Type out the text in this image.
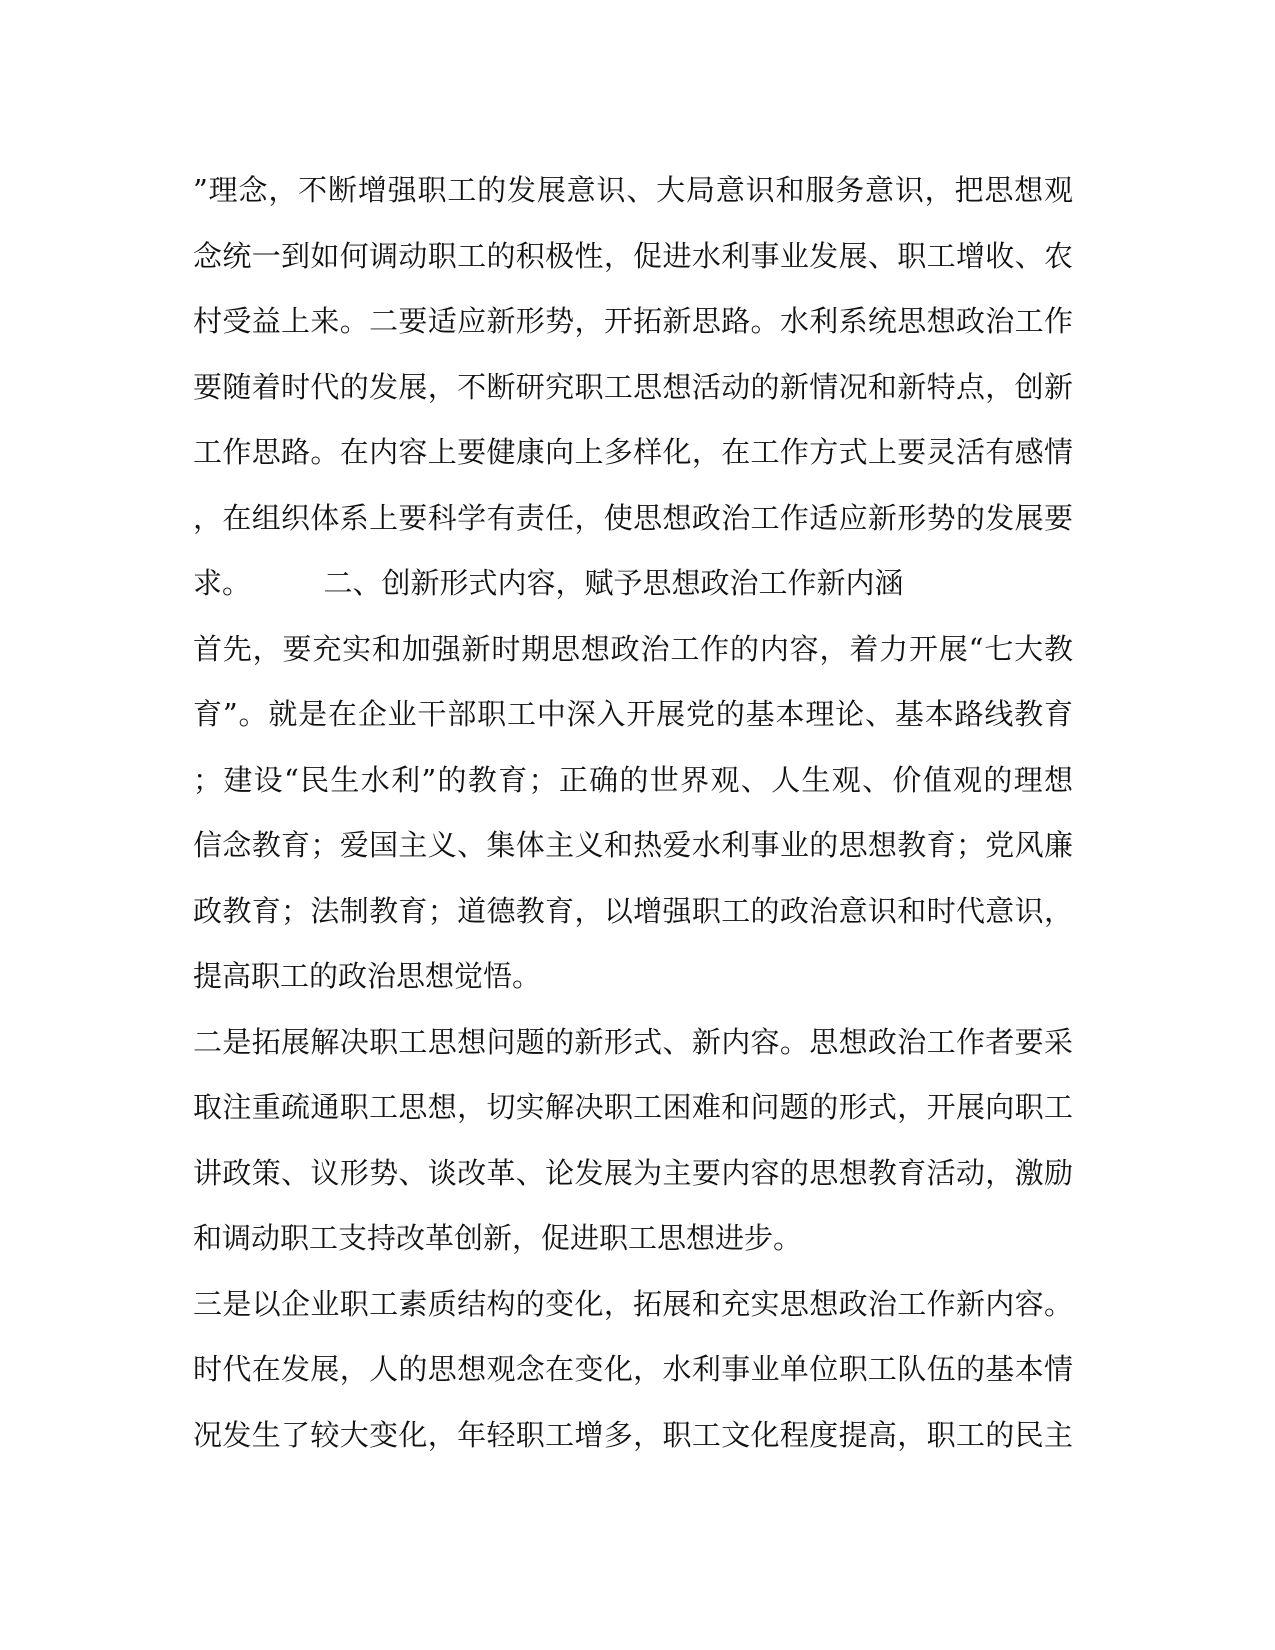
”理念，不断增强职工的发展意识、大局意识和服务意识，把思想观
念统一到如何调动职工的积极性，促进水利事业发展、职工增收、农
村受益上来。二要适应新形势，开拓新思路。水利系统思想政治工作
要随着时代的发展，不断研究职工思想活动的新情况和新特点，创新
工作思路。在内容上要健康向上多样化，在工作方式上要灵活有感情
，在组织体系上要科学有责任，使思想政治工作适应新形势的发展要
求。　　　二、创新形式内容，赋予思想政治工作新内涵
首先，要充实和加强新时期思想政治工作的内容，着力开展“七大教
育”。就是在企业干部职工中深入开展党的基本理论、基本路线教育
；建设“民生水利”的教育；正确的世界观、人生观、价值观的理想
信念教育；爱国主义、集体主义和热爱水利事业的思想教育；党风廉
政教育；法制教育；道德教育，以增强职工的政治意识和时代意识，
提高职工的政治思想觉悟。
二是拓展解决职工思想问题的新形式、新内容。思想政治工作者要采
取注重疏通职工思想，切实解决职工困难和问题的形式，开展向职工
讲政策、议形势、谈改革、论发展为主要内容的思想教育活动，激励
和调动职工支持改革创新，促进职工思想进步。
三是以企业职工素质结构的变化，拓展和充实思想政治工作新内容。
时代在发展，人的思想观念在变化，水利事业单位职工队伍的基本情
况发生了较大变化，年轻职工增多，职工文化程度提高，职工的民主
